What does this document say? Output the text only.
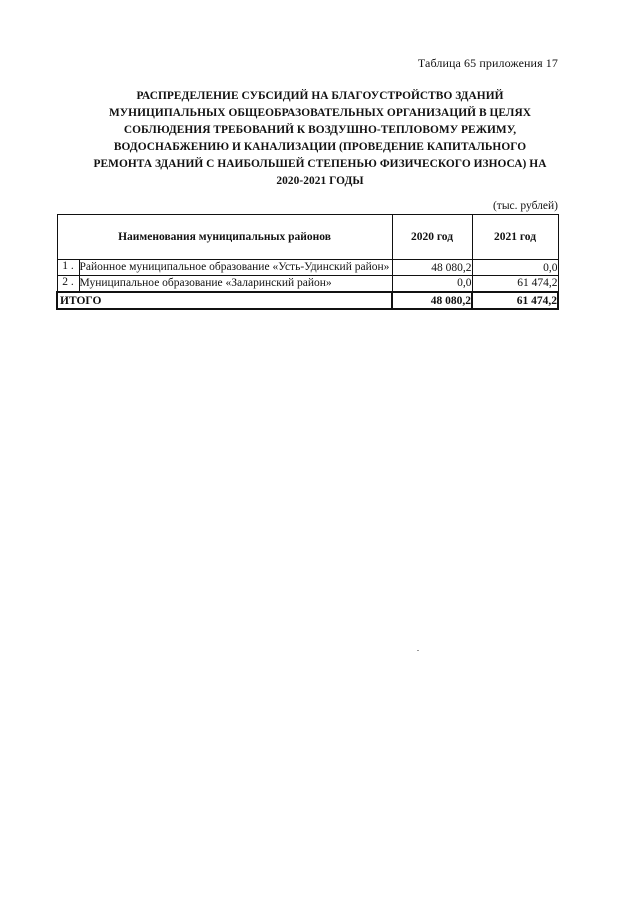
Таблица 65 приложения 17
РАСПРЕДЕЛЕНИЕ СУБСИДИЙ НА БЛАГОУСТРОЙСТВО ЗДАНИЙ
МУНИЦИПАЛЬНЫХ ОБЩЕОБРАЗОВАТЕЛЬНЫХ ОРГАНИЗАЦИЙ В ЦЕЛЯХ
СОБЛЮДЕНИЯ ТРЕБОВАНИЙ К ВОЗДУШНО-ТЕПЛОВОМУ РЕЖИМУ,
ВОДОСНАБЖЕНИЮ И КАНАЛИЗАЦИИ (ПРОВЕДЕНИЕ КАПИТАЛЬНОГО
РЕМОНТА ЗДАНИЙ С НАИБОЛЬШЕЙ СТЕПЕНЬЮ ФИЗИЧЕСКОГО ИЗНОСА) НА
2020-2021 ГОДЫ
(тыс. рублей)
Наименования муниципальных районов		2020 год	2021 год
1 .	Районное муниципальное образование «Усть-Удинский район»	48 080,2	0,0
2 .	Муниципальное образование «Заларинский район»	0,0	61 474,2
ИТОГО		48 080,2	61 474,2
